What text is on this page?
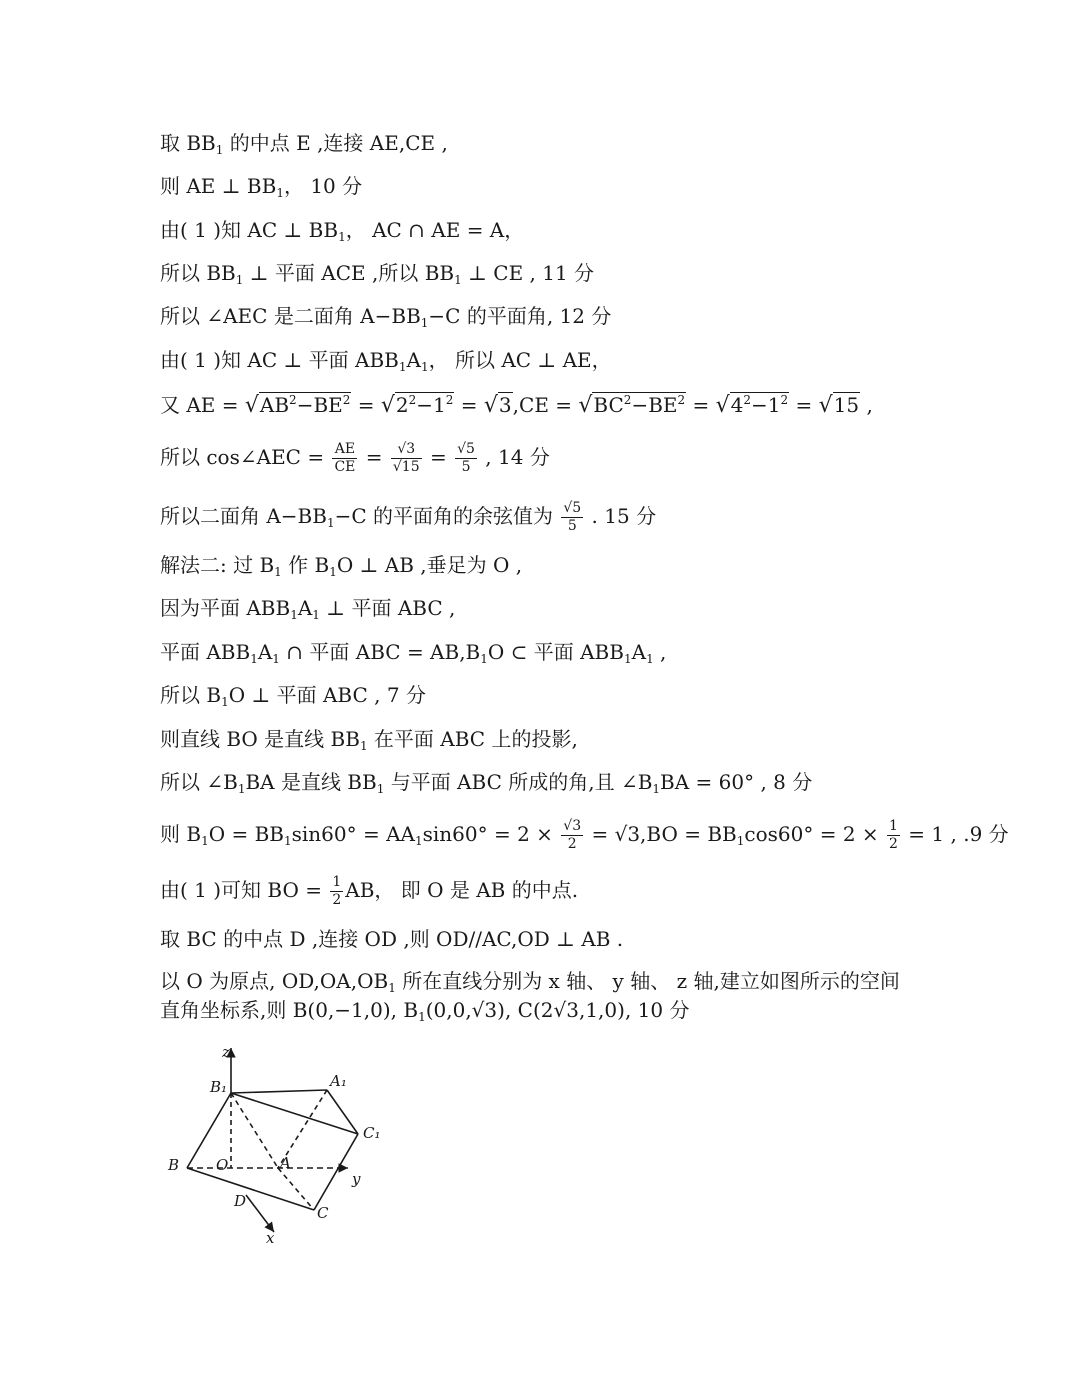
取 $BB_1$ 的中点 E ,连接 AE,CE ,
则 AE ⊥ $BB_1$， 10 分
由( 1 )知 AC ⊥ $BB_1$， AC ∩ AE = A，
所以 $BB_1$ ⊥ 平面 ACE ,所以 $BB_1$ ⊥ CE , 11 分
所以 ∠AEC 是二面角 $A-BB_1-C$ 的平面角, 12 分
由( 1 )知 AC ⊥ 平面 $ABB_1A_1$， 所以 AC ⊥ AE，
又 AE = $√AB^2-BE^2 = √2^2-1^2 = √3,CE = √BC^2-BE^2 = √4^2-1^2 = √15$ ,
所以 cos∠AEC = $\frac{AE}{CE} = \frac{√3}{√15} = \frac{√5}{5}$ , 14 分
所以二面角 $A-BB_1-C$ 的平面角的余弦值为 $\frac{√5}{5}$ . 15 分
解法二: 过 $B_1$ 作 $B_1O$ ⊥ AB ,垂足为 O ,
因为平面 $ABB_1A_1$ ⊥ 平面 ABC ,
平面 $ABB_1A_1$ ∩ 平面 ABC = $AB,B_1O$ ⊂ 平面 $ABB_1A_1$ ,
所以 $B_1O$ ⊥ 平面 ABC , 7 分
则直线 BO 是直线 $BB_1$ 在平面 ABC 上的投影,
所以 $\angle B_1BA$ 是直线 $BB_1$ 与平面 ABC 所成的角,且 $\angle B_1BA = 60^\circ$ , 8 分
则 $B_1O = BB_1\sin 60^\circ = AA_1\sin 60^\circ = 2 \times \frac{√3}{2} = √3,BO = BB_1\cos 60^\circ = 2 \times \frac{1}{2} = 1$ , .9 分
由( 1 )可知 BO = $\frac{1}{2}$ AB， 即 O 是 AB 的中点.
取 BC 的中点 D ,连接 OD ,则 OD//AC,OD ⊥ AB .
以 O 为原点, $OD,OA,OB_1$ 所在直线分别为 x 轴、 y 轴、 z 轴,建立如图所示的空间
直角坐标系,则 B(0,−1,0), $B_1(0,0,√3)$, C(2√3,1,0), 10 分
z
B₁	A₁
C₁
B O	A
y
D
C
x
